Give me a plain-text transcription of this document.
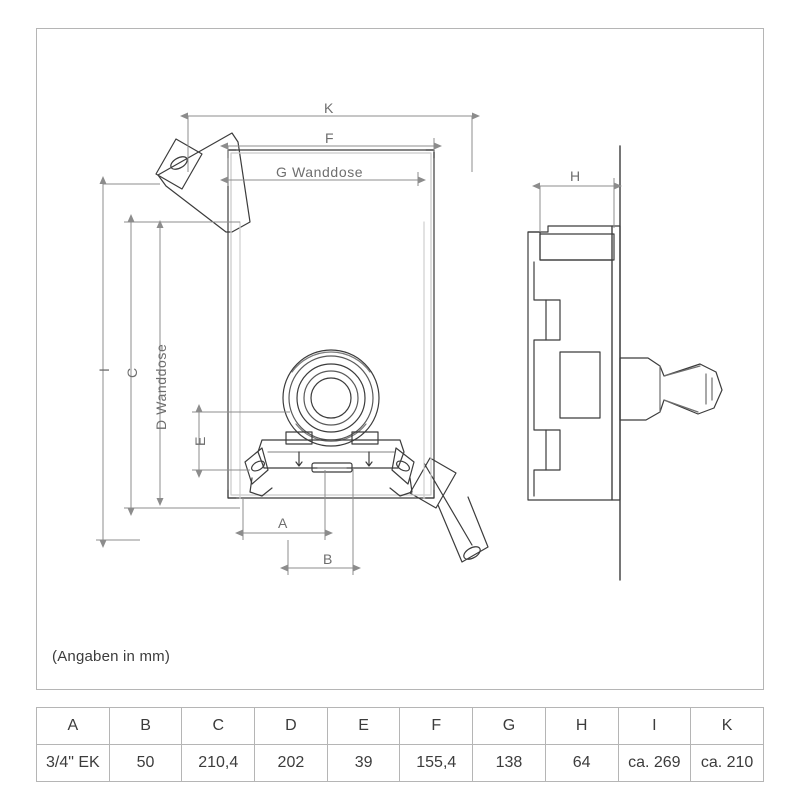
K
F
G Wanddose
I C D Wanddose
E
A
B
H
(Angaben in mm)
A	B	C	D	E	F	G	H	I	K
3/4" EK	50	210,4	202	39	155,4	138	64	ca. 269	ca. 210
